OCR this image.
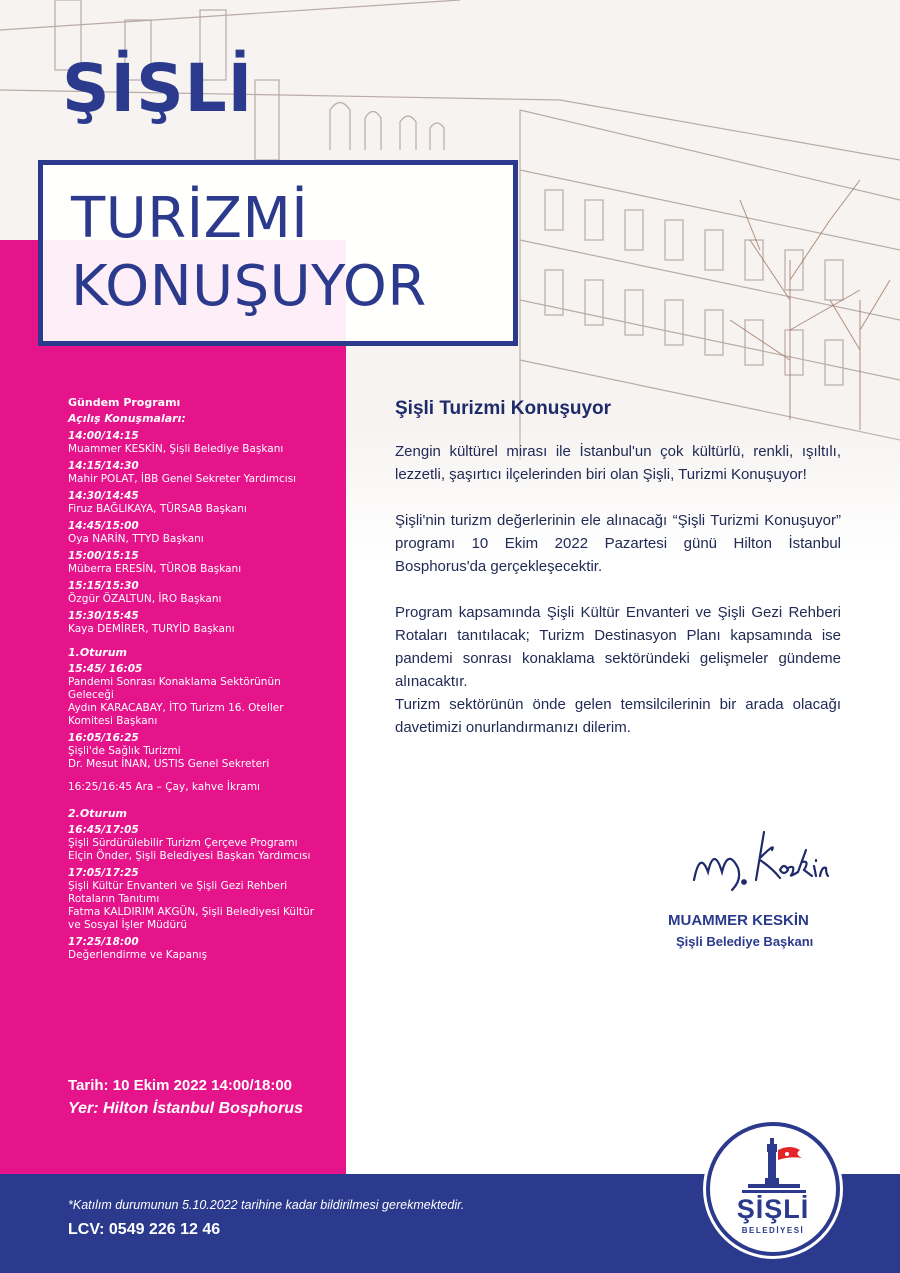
ŞİŞLİ
TURİZMİ
KONUŞUYOR
Gündem Programı
Açılış Konuşmaları:
14:00/14:15
Muammer KESKİN, Şişli Belediye Başkanı
14:15/14:30
Mahir POLAT, İBB Genel Sekreter Yardımcısı
14:30/14:45
Firuz BAĞLIKAYA, TÜRSAB Başkanı
14:45/15:00
Oya NARİN, TTYD Başkanı
15:00/15:15
Müberra ERESİN, TÜROB Başkanı
15:15/15:30
Özgür ÖZALTUN, İRO Başkanı
15:30/15:45
Kaya DEMİRER, TURYİD Başkanı
1.Oturum
15:45/ 16:05
Pandemi Sonrası Konaklama Sektörünün
Geleceği
Aydın KARACABAY, İTO Turizm 16. Oteller
Komitesi Başkanı
16:05/16:25
Şişli'de Sağlık Turizmi
Dr. Mesut İNAN, USTIS Genel Sekreteri
16:25/16:45 Ara – Çay, kahve İkramı
2.Oturum
16:45/17:05
Şişli Sürdürülebilir Turizm Çerçeve Programı
Elçin Önder, Şişli Belediyesi Başkan Yardımcısı
17:05/17:25
Şişli Kültür Envanteri ve Şişli Gezi Rehberi
Rotaların Tanıtımı
Fatma KALDIRIM AKGÜN, Şişli Belediyesi Kültür
ve Sosyal İşler Müdürü
17:25/18:00
Değerlendirme ve Kapanış
Tarih: 10 Ekim 2022 14:00/18:00
Yer: Hilton İstanbul Bosphorus
Şişli Turizmi Konuşuyor

Zengin kültürel mirası ile İstanbul'un çok kültürlü, renkli, ışıltılı, lezzetli, şaşırtıcı ilçelerinden biri olan Şişli, Turizmi Konuşuyor!

Şişli'nin turizm değerlerinin ele alınacağı “Şişli Turizmi Konuşuyor” programı 10 Ekim 2022 Pazartesi günü Hilton İstanbul Bosphorus'da gerçekleşecektir.

Program kapsamında Şişli Kültür Envanteri ve Şişli Gezi Rehberi Rotaları tanıtılacak; Turizm Destinasyon Planı kapsamında ise pandemi sonrası konaklama sektöründeki gelişmeler gündeme alınacaktır.

Turizm sektörünün önde gelen temsilcilerinin bir arada olacağı davetimizi onurlandırmanızı dilerim.

MUAMMER KESKİN

Şişli Belediye Başkanı

*Katılım durumunun 5.10.2022 tarihine kadar bildirilmesi gerekmektedir.
LCV: 0549 226 12 46
ŞİŞLİ
BELEDİYESİ
